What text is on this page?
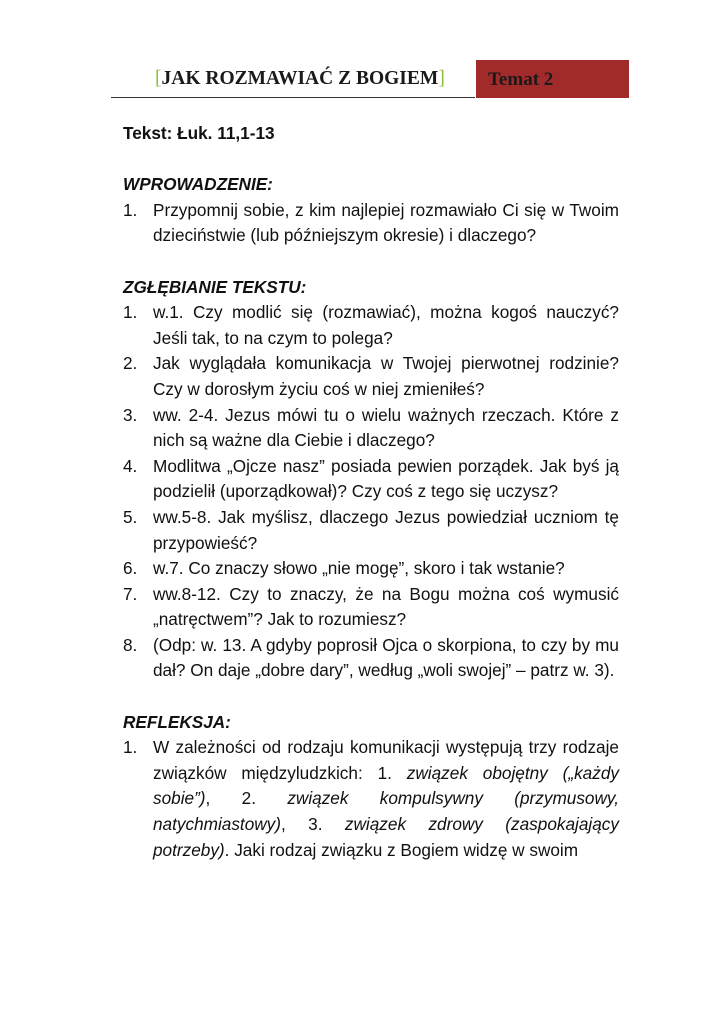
[JAK ROZMAWIAĆ Z BOGIEM] Temat 2

Tekst: Łuk. 11,1-13

WPROWADZENIE:

1. Przypomnij sobie, z kim najlepiej rozmawiało Ci się w Twoim dzieciństwie (lub późniejszym okresie) i dlaczego?

ZGŁĘBIANIE TEKSTU:

1. w.1. Czy modlić się (rozmawiać), można kogoś nauczyć? Jeśli tak, to na czym to polega?
2. Jak wyglądała komunikacja w Twojej pierwotnej rodzinie? Czy w dorosłym życiu coś w niej zmieniłeś?
3. ww. 2-4. Jezus mówi tu o wielu ważnych rzeczach. Które z nich są ważne dla Ciebie i dlaczego?
4. Modlitwa „Ojcze nasz” posiada pewien porządek. Jak byś ją podzielił (uporządkował)? Czy coś z tego się uczysz?
5. ww.5-8. Jak myślisz, dlaczego Jezus powiedział uczniom tę przypowieść?
6. w.7. Co znaczy słowo „nie mogę”, skoro i tak wstanie?
7. ww.8-12. Czy to znaczy, że na Bogu można coś wymusić „natręctwem”? Jak to rozumiesz?
8. (Odp: w. 13. A gdyby poprosił Ojca o skorpiona, to czy by mu dał? On daje „dobre dary”, według „woli swojej” – patrz w. 3).

REFLEKSJA:

1. W zależności od rodzaju komunikacji występują trzy rodzaje związków międzyludzkich: 1. związek obojętny („każdy sobie”), 2. związek kompulsywny (przymusowy, natychmiastowy), 3. związek zdrowy (zaspokajający potrzeby). Jaki rodzaj związku z Bogiem widzę w swoim
